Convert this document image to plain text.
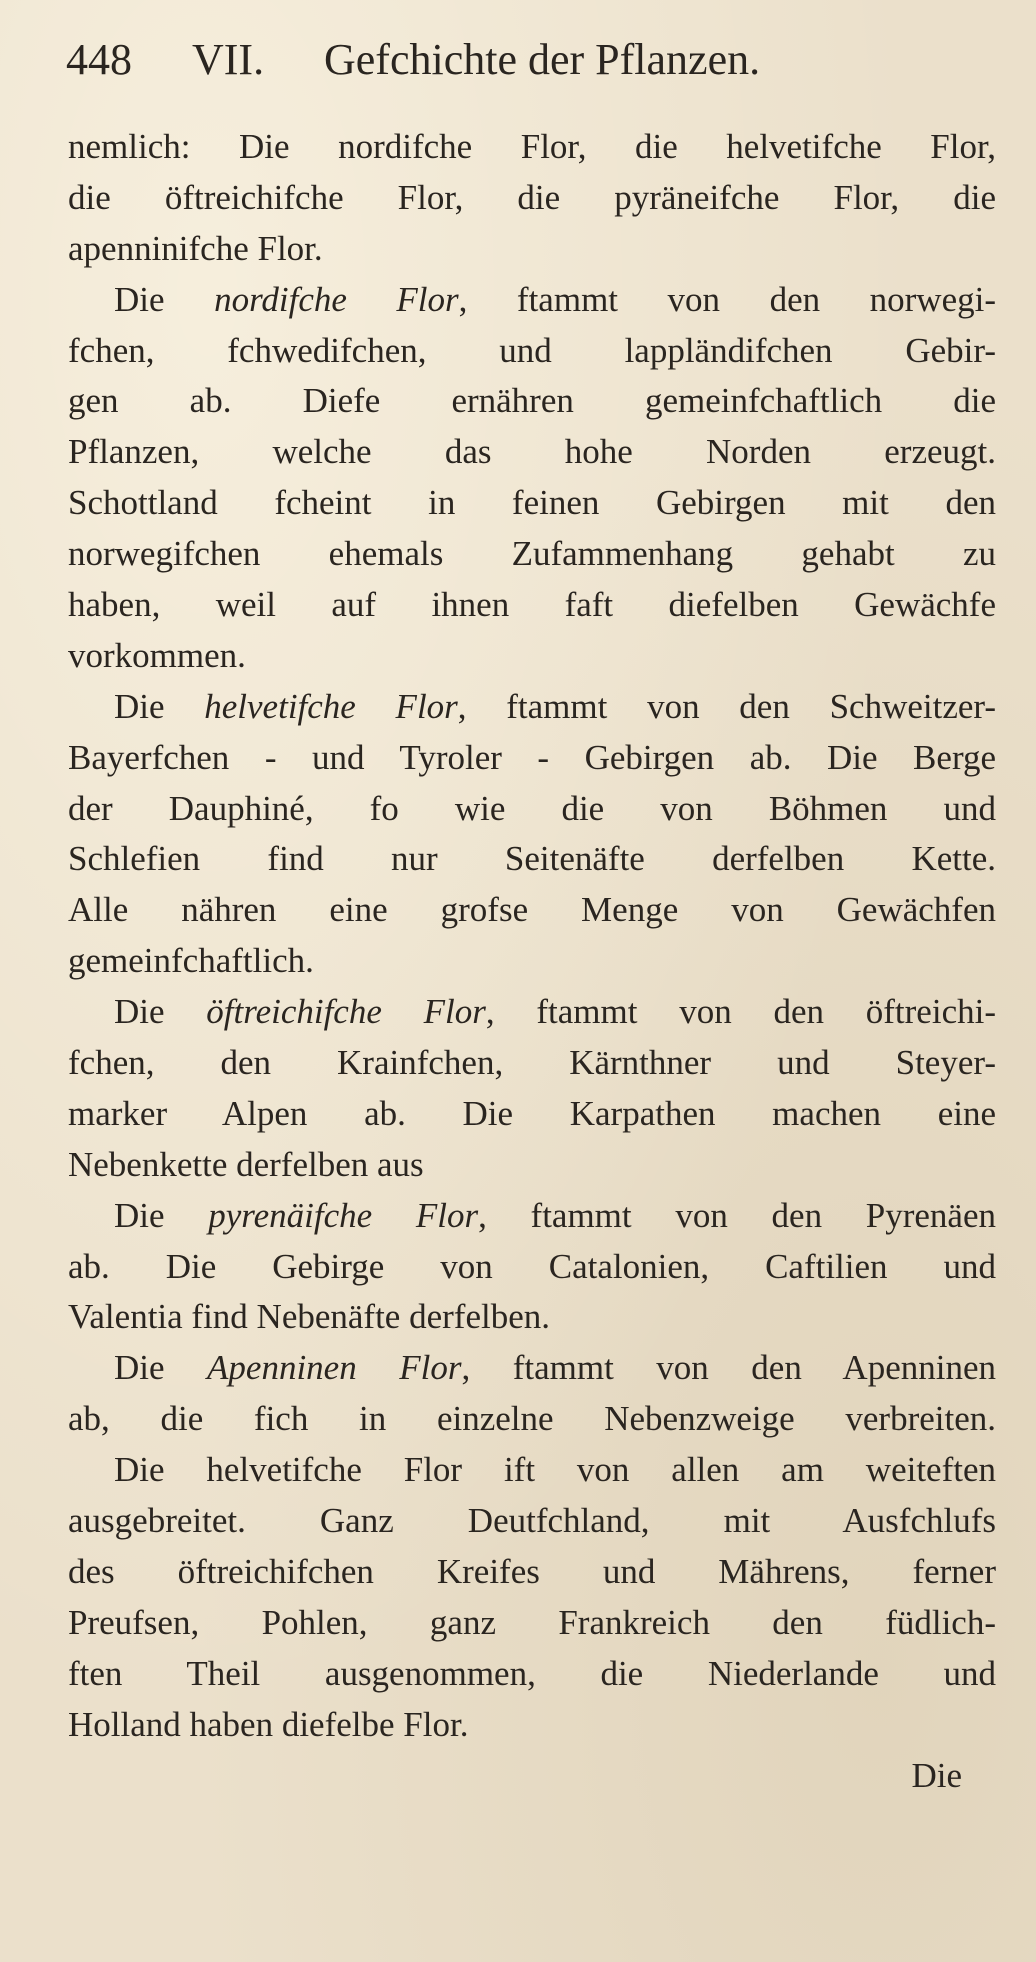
448 VII. Gefchichte der Pflanzen.
nemlich: Die nordifche Flor, die helvetifche Flor,
die öftreichifche Flor, die pyräneifche Flor, die
apenninifche Flor.
Die nordifche Flor, ftammt von den norwegi-
fchen, fchwedifchen, und lappländifchen Gebir-
gen ab. Diefe ernähren gemeinfchaftlich die
Pflanzen, welche das hohe Norden erzeugt.
Schottland fcheint in feinen Gebirgen mit den
norwegifchen ehemals Zufammenhang gehabt zu
haben, weil auf ihnen faft diefelben Gewächfe
vorkommen.
Die helvetifche Flor, ftammt von den Schweitzer-
Bayerfchen - und Tyroler - Gebirgen ab. Die Berge
der Dauphiné, fo wie die von Böhmen und
Schlefien find nur Seitenäfte derfelben Kette.
Alle nähren eine grofse Menge von Gewächfen
gemeinfchaftlich.
Die öftreichifche Flor, ftammt von den öftreichi-
fchen, den Krainfchen, Kärnthner und Steyer-
marker Alpen ab. Die Karpathen machen eine
Nebenkette derfelben aus
Die pyrenäifche Flor, ftammt von den Pyrenäen
ab. Die Gebirge von Catalonien, Caftilien und
Valentia find Nebenäfte derfelben.
Die Apenninen Flor, ftammt von den Apenninen
ab, die fich in einzelne Nebenzweige verbreiten.
Die helvetifche Flor ift von allen am weiteften
ausgebreitet. Ganz Deutfchland, mit Ausfchlufs
des öftreichifchen Kreifes und Mährens, ferner
Preufsen, Pohlen, ganz Frankreich den füdlich-
ften Theil ausgenommen, die Niederlande und
Holland haben diefelbe Flor.
Die
